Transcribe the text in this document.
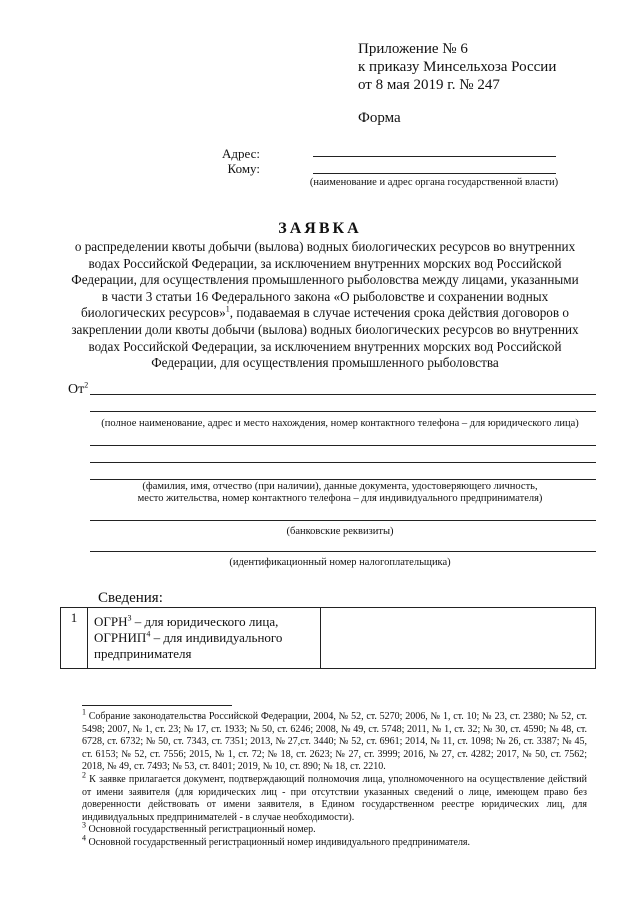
Приложение № 6
к приказу Минсельхоза России
от 8 мая 2019 г. № 247
Форма
Адрес:
Кому:
(наименование и адрес органа государственной власти)
ЗАЯВКА
о распределении квоты добычи (вылова) водных биологических ресурсов во внутренних водах Российской Федерации, за исключением внутренних морских вод Российской Федерации, для осуществления промышленного рыболовства между лицами, указанными в части 3 статьи 16 Федерального закона «О рыболовстве и сохранении водных биологических ресурсов»$^1$, подаваемая в случае истечения срока действия договоров о закреплении доли квоты добычи (вылова) водных биологических ресурсов во внутренних водах Российской Федерации, за исключением внутренних морских вод Российской Федерации, для осуществления промышленного рыболовства
$От^2$
(полное наименование, адрес и место нахождения, номер контактного телефона – для юридического лица)
(фамилия, имя, отчество (при наличии), данные документа, удостоверяющего личность,
место жительства, номер контактного телефона – для индивидуального предпринимателя)
(банковские реквизиты)
(идентификационный номер налогоплательщика)
Сведения:
1	ОГРН$^3$ – для юридического лица,
ОГРНИП$^4$ – для индивидуального предпринимателя	

$^1$ Собрание законодательства Российской Федерации, 2004, № 52, ст. 5270; 2006, № 1, ст. 10; № 23, ст. 2380; № 52, ст. 5498; 2007, № 1, ст. 23; № 17, ст. 1933; № 50, ст. 6246; 2008, № 49, ст. 5748; 2011, № 1, ст. 32; № 30, ст. 4590; № 48, ст. 6728, ст. 6732; № 50, ст. 7343, ст. 7351; 2013, № 27,ст. 3440; № 52, ст. 6961; 2014, № 11, ст. 1098; № 26, ст. 3387; № 45, ст. 6153; № 52, ст. 7556; 2015, № 1, ст. 72; № 18, ст. 2623; № 27, ст. 3999; 2016, № 27, ст. 4282; 2017, № 50, ст. 7562; 2018, № 49, ст. 7493; № 53, ст. 8401; 2019, № 10, ст. 890; № 18, ст. 2210.

$^2$ К заявке прилагается документ, подтверждающий полномочия лица, уполномоченного на осуществление действий от имени заявителя (для юридических лиц - при отсутствии указанных сведений о лице, имеющем право без доверенности действовать от имени заявителя, в Едином государственном реестре юридических лиц, для индивидуальных предпринимателей - в случае необходимости).

$^3$ Основной государственный регистрационный номер.

$^4$ Основной государственный регистрационный номер индивидуального предпринимателя.
